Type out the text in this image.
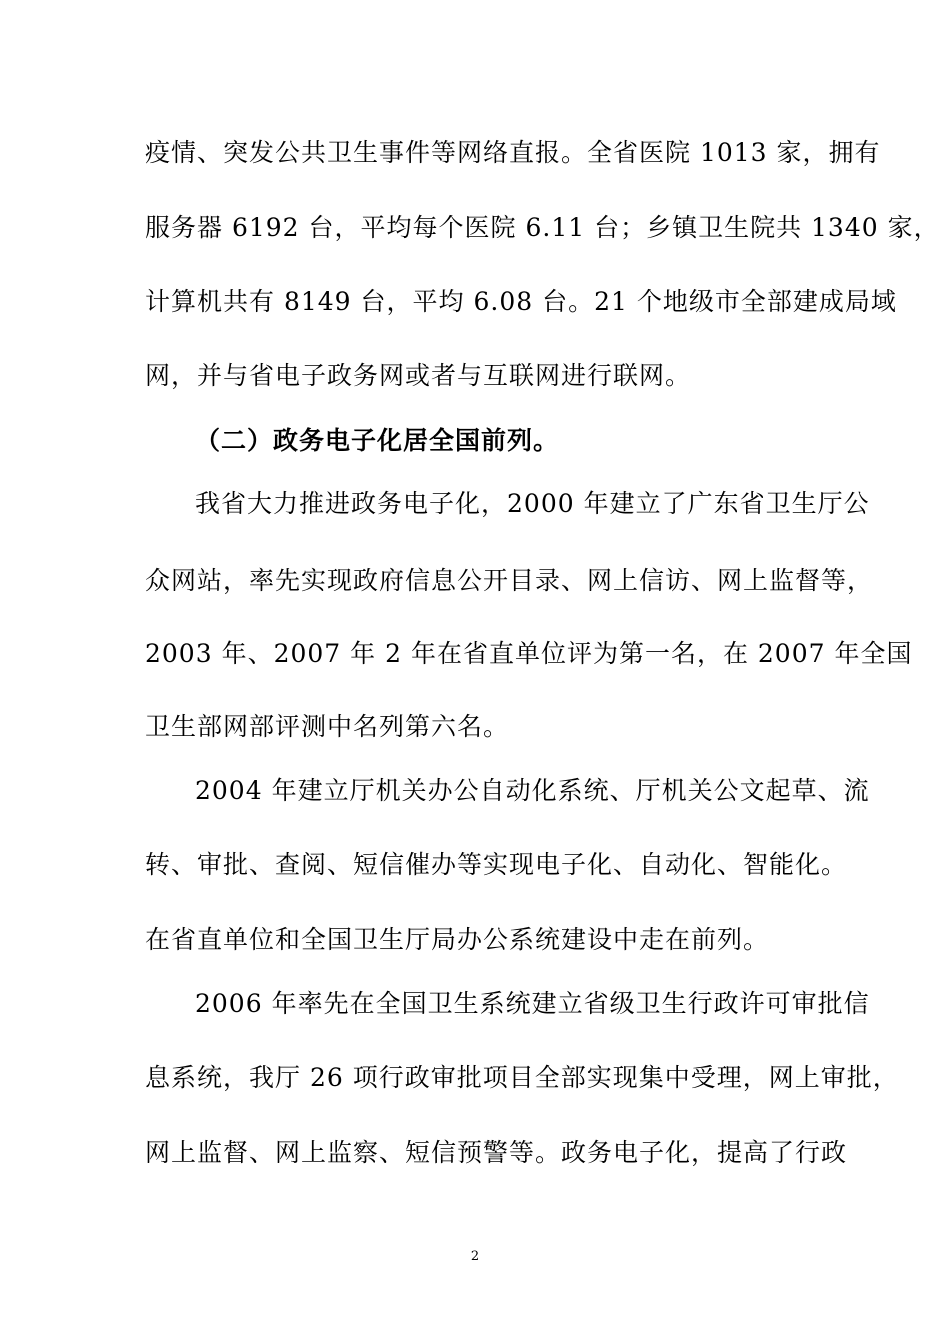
疫情、突发公共卫生事件等网络直报。全省医院 1013 家，拥有
服务器 6192 台，平均每个医院 6.11 台；乡镇卫生院共 1340 家，
计算机共有 8149 台，平均 6.08 台。21 个地级市全部建成局域
网，并与省电子政务网或者与互联网进行联网。
（二）政务电子化居全国前列。
我省大力推进政务电子化，2000 年建立了广东省卫生厅公
众网站，率先实现政府信息公开目录、网上信访、网上监督等，
2003 年、2007 年 2 年在省直单位评为第一名，在 2007 年全国
卫生部网部评测中名列第六名。
2004 年建立厅机关办公自动化系统、厅机关公文起草、流
转、审批、查阅、短信催办等实现电子化、自动化、智能化。
在省直单位和全国卫生厅局办公系统建设中走在前列。
2006 年率先在全国卫生系统建立省级卫生行政许可审批信
息系统，我厅 26 项行政审批项目全部实现集中受理，网上审批，
网上监督、网上监察、短信预警等。政务电子化，提高了行政
2
